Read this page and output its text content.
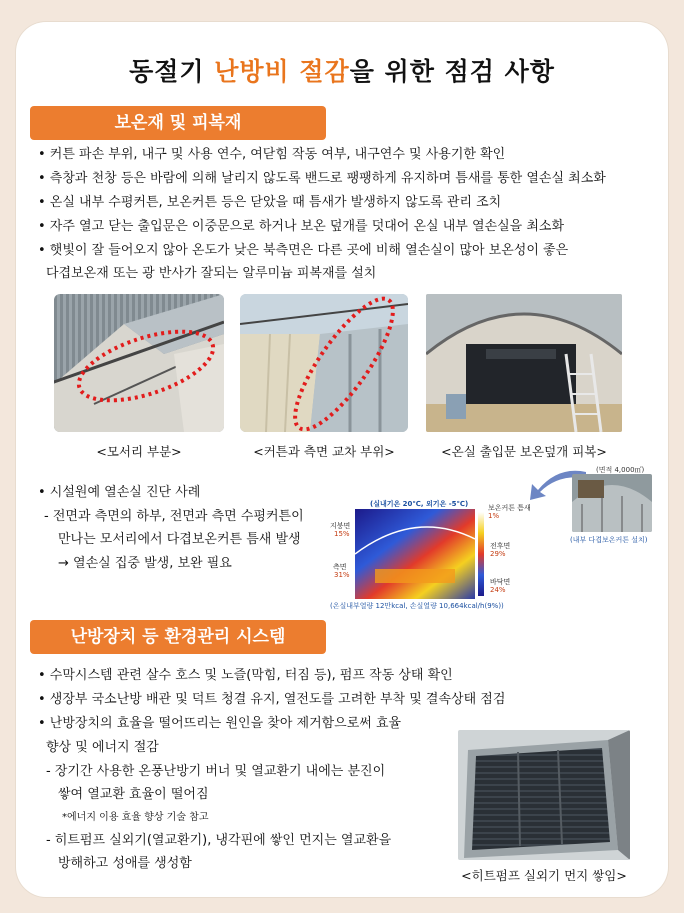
동절기 난방비 절감을 위한 점검 사항
보온재 및 피복재
• 커튼 파손 부위, 내구 및 사용 연수, 여닫힘 작동 여부, 내구연수 및 사용기한 확인
• 측창과 천창 등은 바람에 의해 날리지 않도록 밴드로 팽팽하게 유지하며 틈새를 통한 열손실 최소화
• 온실 내부 수평커튼, 보온커튼 등은 닫았을 때 틈새가 발생하지 않도록 관리 조치
• 자주 열고 닫는 출입문은 이중문으로 하거나 보온 덮개를 덧대어 온실 내부 열손실을 최소화
• 햇빛이 잘 들어오지 않아 온도가 낮은 북측면은 다른 곳에 비해 열손실이 많아 보온성이 좋은
다겹보온재 또는 광 반사가 잘되는 알루미늄 피복재를 설치
<모서리 부분>	<커튼과 측면 교차 부위>	<온실 출입문 보온덮개 피복>
• 시설원예 열손실 진단 사례
- 전면과 측면의 하부, 전면과 측면 수평커튼이
만나는 모서리에서 다겹보온커튼 틈새 발생
→ 열손실 집중 발생, 보완 필요
(실내기온 20℃, 외기온 -5℃)
지붕면
15%
측면
31%
보온커튼 틈새
1%
전후면
29%
바닥면
24%
(온실내부열량 12만kcal, 손실열량 10,664kcal/h(9%))
(면적 4,000㎡)
(내부 다겹보온커튼 설치)
난방장치 등 환경관리 시스템
• 수막시스템 관련 살수 호스 및 노즐(막힘, 터짐 등), 펌프 작동 상태 확인
• 생장부 국소난방 배관 및 덕트 청결 유지, 열전도를 고려한 부착 및 결속상태 점검
• 난방장치의 효율을 떨어뜨리는 원인을 찾아 제거함으로써 효율
향상 및 에너지 절감
- 장기간 사용한 온풍난방기 버너 및 열교환기 내에는 분진이
쌓여 열교환 효율이 떨어짐
*에너지 이용 효율 향상 기술 참고
- 히트펌프 실외기(열교환기), 냉각핀에 쌓인 먼지는 열교환을
방해하고 성애를 생성함
<히트펌프 실외기 먼지 쌓임>
